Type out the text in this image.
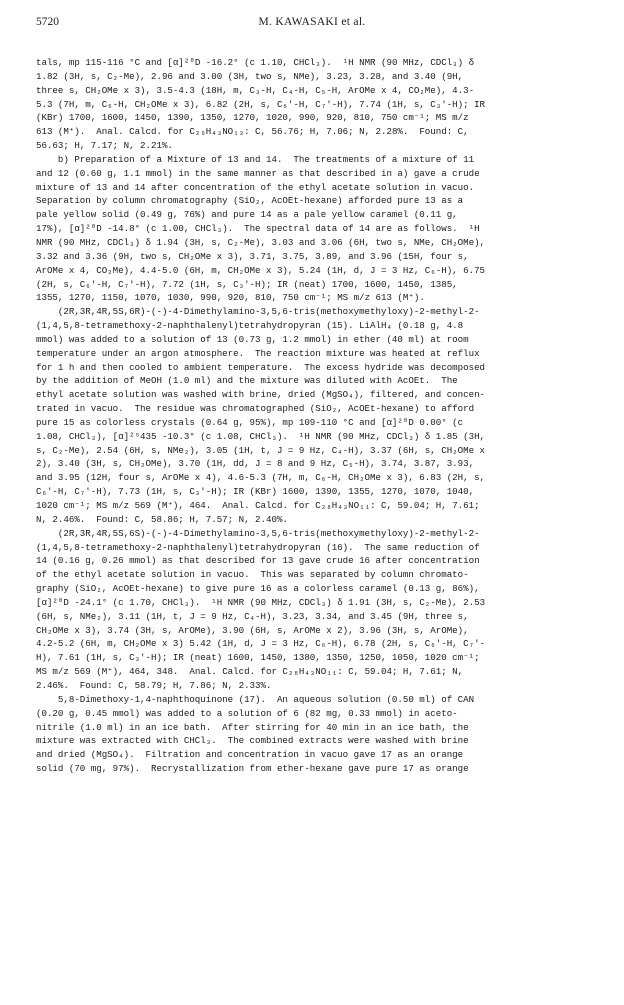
5720	M. KAWASAKI et al.
tals, mp 115-116 °C and [α]²⁰D -16.2° (c 1.10, CHCl₃).  ¹H NMR (90 MHz, CDCl₃) δ
1.82 (3H, s, C₂-Me), 2.96 and 3.00 (3H, two s, NMe), 3.23, 3.28, and 3.40 (9H,
three s, CH₂OMe x 3), 3.5-4.3 (18H, m, C₃-H, C₄-H, C₅-H, ArOMe x 4, CO₂Me), 4.3-
5.3 (7H, m, C₆-H, CH₂OMe x 3), 6.82 (2H, s, C₆'-H, C₇'-H), 7.74 (1H, s, C₃'-H); IR
(KBr) 1700, 1600, 1450, 1390, 1350, 1270, 1020, 990, 920, 810, 750 cm⁻¹; MS m/z
613 (M⁺).  Anal. Calcd. for C₂₉H₄₃NO₁₃: C, 56.76; H, 7.06; N, 2.28%.  Found: C,
56.63; H, 7.17; N, 2.21%.
b) Preparation of a Mixture of 13 and 14.  The treatments of a mixture of 11
and 12 (0.60 g, 1.1 mmol) in the same manner as that described in a) gave a crude
mixture of 13 and 14 after concentration of the ethyl acetate solution in vacuo.
Separation by column chromatography (SiO₂, AcOEt-hexane) afforded pure 13 as a
pale yellow solid (0.49 g, 76%) and pure 14 as a pale yellow caramel (0.11 g,
17%), [α]²⁰D -14.8° (c 1.00, CHCl₃).  The spectral data of 14 are as follows.  ¹H
NMR (90 MHz, CDCl₃) δ 1.94 (3H, s, C₂-Me), 3.03 and 3.06 (6H, two s, NMe, CH₂OMe),
3.32 and 3.36 (9H, two s, CH₂OMe x 3), 3.71, 3.75, 3.89, and 3.96 (15H, four s,
ArOMe x 4, CO₂Me), 4.4-5.0 (6H, m, CH₂OMe x 3), 5.24 (1H, d, J = 3 Hz, C₆-H), 6.75
(2H, s, C₆'-H, C₇'-H), 7.72 (1H, s, C₃'-H); IR (neat) 1700, 1600, 1450, 1385,
1355, 1270, 1150, 1070, 1030, 990, 920, 810, 750 cm⁻¹; MS m/z 613 (M⁺).
(2R,3R,4R,5S,6R)-(-)-4-Dimethylamino-3,5,6-tris(methoxymethyloxy)-2-methyl-2-
(1,4,5,8-tetramethoxy-2-naphthalenyl)tetrahydropyran (15). LiAlH₄ (0.18 g, 4.8
mmol) was added to a solution of 13 (0.73 g, 1.2 mmol) in ether (40 ml) at room
temperature under an argon atmosphere.  The reaction mixture was heated at reflux
for 1 h and then cooled to ambient temperature.  The excess hydride was decomposed
by the addition of MeOH (1.0 ml) and the mixture was diluted with AcOEt.  The
ethyl acetate solution was washed with brine, dried (MgSO₄), filtered, and concen-
trated in vacuo.  The residue was chromatographed (SiO₂, AcOEt-hexane) to afford
pure 15 as colorless crystals (0.64 g, 95%), mp 109-110 °C and [α]²⁰D 0.00° (c
1.08, CHCl₃), [α]²⁵435 -10.3° (c 1.08, CHCl₃).  ¹H NMR (90 MHz, CDCl₃) δ 1.85 (3H,
s, C₂-Me), 2.54 (6H, s, NMe₂), 3.05 (1H, t, J = 9 Hz, C₄-H), 3.37 (6H, s, CH₂OMe x
2), 3.40 (3H, s, CH₂OMe), 3.70 (1H, dd, J = 8 and 9 Hz, C₅-H), 3.74, 3.87, 3.93,
and 3.95 (12H, four s, ArOMe x 4), 4.6-5.3 (7H, m, C₆-H, CH₂OMe x 3), 6.83 (2H, s,
C₆'-H, C₇'-H), 7.73 (1H, s, C₃'-H); IR (KBr) 1600, 1390, 1355, 1270, 1070, 1040,
1020 cm⁻¹; MS m/z 569 (M⁺), 464.  Anal. Calcd. for C₂₈H₄₃NO₁₁: C, 59.04; H, 7.61;
N, 2.46%.  Found: C, 58.86; H, 7.57; N, 2.40%.
(2R,3R,4R,5S,6S)-(-)-4-Dimethylamino-3,5,6-tris(methoxymethyloxy)-2-methyl-2-
(1,4,5,8-tetramethoxy-2-naphthalenyl)tetrahydropyran (16).  The same reduction of
14 (0.16 g, 0.26 mmol) as that described for 13 gave crude 16 after concentration
of the ethyl acetate solution in vacuo.  This was separated by column chromato-
graphy (SiO₂, AcOEt-hexane) to give pure 16 as a colorless caramel (0.13 g, 86%),
[α]²⁰D -24.1° (c 1.70, CHCl₃).  ¹H NMR (90 MHz, CDCl₃) δ 1.91 (3H, s, C₂-Me), 2.53
(6H, s, NMe₂), 3.11 (1H, t, J = 9 Hz, C₄-H), 3.23, 3.34, and 3.45 (9H, three s,
CH₂OMe x 3), 3.74 (3H, s, ArOMe), 3.90 (6H, s, ArOMe x 2), 3.96 (3H, s, ArOMe),
4.2-5.2 (6H, m, CH₂OMe x 3) 5.42 (1H, d, J = 3 Hz, C₆-H), 6.78 (2H, s, C₆'-H, C₇'-
H), 7.61 (1H, s, C₃'-H); IR (neat) 1600, 1450, 1380, 1350, 1250, 1050, 1020 cm⁻¹;
MS m/z 569 (M⁺), 464, 348.  Anal. Calcd. for C₂₈H₄₃NO₁₁: C, 59.04; H, 7.61; N,
2.46%.  Found: C, 58.79; H, 7.86; N, 2.33%.
5,8-Dimethoxy-1,4-naphthoquinone (17).  An aqueous solution (0.50 ml) of CAN
(0.20 g, 0.45 mmol) was added to a solution of 6 (82 mg, 0.33 mmol) in aceto-
nitrile (1.0 ml) in an ice bath.  After stirring for 40 min in an ice bath, the
mixture was extracted with CHCl₃.  The combined extracts were washed with brine
and dried (MgSO₄).  Filtration and concentration in vacuo gave 17 as an orange
solid (70 mg, 97%).  Recrystallization from ether-hexane gave pure 17 as orange
